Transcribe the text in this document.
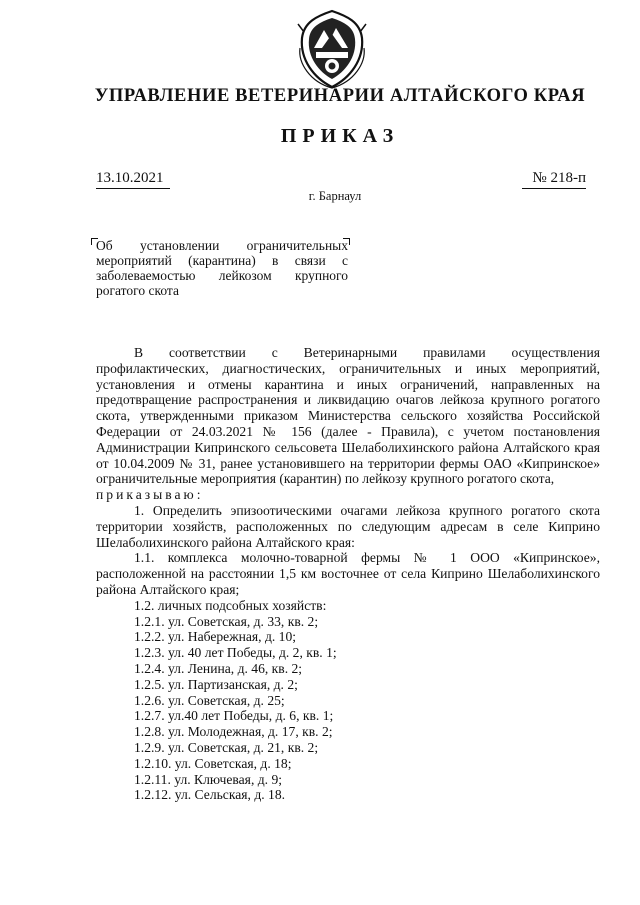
УПРАВЛЕНИЕ ВЕТЕРИНАРИИ АЛТАЙСКОГО КРАЯ
ПРИКАЗ
13.10.2021	№ 218-п
г. Барнаул
Об установлении ограничительных мероприятий (карантина) в связи с заболеваемостью лейкозом крупного рогатого скота

В соответствии с Ветеринарными правилами осуществления профилактических, диагностических, ограничительных и иных мероприятий, установления и отмены карантина и иных ограничений, направленных на предотвращение распространения и ликвидацию очагов лейкоза крупного рогатого скота, утвержденными приказом Министерства сельского хозяйства Российской Федерации от 24.03.2021 № 156 (далее - Правила), с учетом постановления Администрации Кипринского сельсовета Шелаболихинского района Алтайского края от 10.04.2009 № 31, ранее установившего на территории фермы ОАО «Кипринское» ограничительные мероприятия (карантин) по лейкозу крупного рогатого скота,

приказываю:

1. Определить эпизоотическими очагами лейкоза крупного рогатого скота территории хозяйств, расположенных по следующим адресам в селе Киприно Шелаболихинского района Алтайского края:

1.1. комплекса молочно-товарной фермы № 1 ООО «Кипринское», расположенной на расстоянии 1,5 км восточнее от села Киприно Шелаболихинского района Алтайского края;

1.2. личных подсобных хозяйств:

1.2.1. ул. Советская, д. 33, кв. 2;

1.2.2. ул. Набережная, д. 10;

1.2.3. ул. 40 лет Победы, д. 2, кв. 1;

1.2.4. ул. Ленина, д. 46, кв. 2;

1.2.5. ул. Партизанская, д. 2;

1.2.6. ул. Советская, д. 25;

1.2.7. ул.40 лет Победы, д. 6, кв. 1;

1.2.8. ул. Молодежная, д. 17, кв. 2;

1.2.9. ул. Советская, д. 21, кв. 2;

1.2.10. ул. Советская, д. 18;

1.2.11. ул. Ключевая, д. 9;

1.2.12. ул. Сельская, д. 18.
